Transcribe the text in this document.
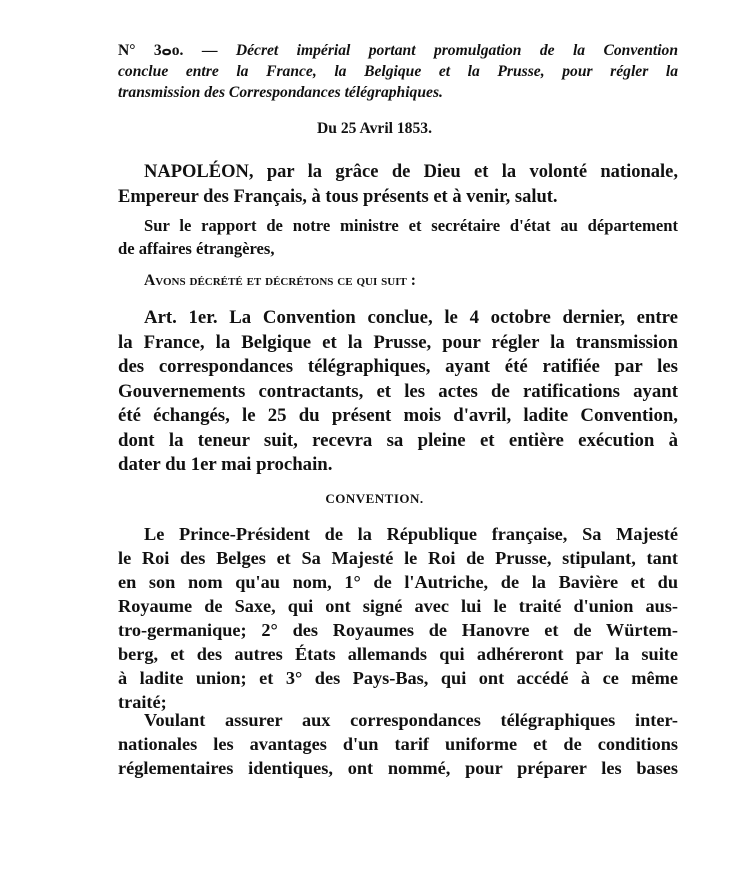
N° 3ⴰo. — Décret impérial portant promulgation de la Convention
conclue entre la France, la Belgique et la Prusse, pour régler la
transmission des Correspondances télégraphiques.
Du 25 Avril 1853.
NAPOLÉON, par la grâce de Dieu et la volonté nationale,
Empereur des Français, à tous présents et à venir, salut.
Sur le rapport de notre ministre et secrétaire d'état au département
de affaires étrangères,
Avons décrété et décrétons ce qui suit :
Art. 1er. La Convention conclue, le 4 octobre dernier, entre
la France, la Belgique et la Prusse, pour régler la transmission
des correspondances télégraphiques, ayant été ratifiée par les
Gouvernements contractants, et les actes de ratifications ayant
été échangés, le 25 du présent mois d'avril, ladite Convention,
dont la teneur suit, recevra sa pleine et entière exécution à
dater du 1er mai prochain.
CONVENTION.
Le Prince-Président de la République française, Sa Majesté
le Roi des Belges et Sa Majesté le Roi de Prusse, stipulant, tant
en son nom qu'au nom, 1° de l'Autriche, de la Bavière et du
Royaume de Saxe, qui ont signé avec lui le traité d'union aus-
tro-germanique; 2° des Royaumes de Hanovre et de Würtem-
berg, et des autres États allemands qui adhéreront par la suite
à ladite union; et 3° des Pays-Bas, qui ont accédé à ce même
traité;
Voulant assurer aux correspondances télégraphiques inter-
nationales les avantages d'un tarif uniforme et de conditions
réglementaires identiques, ont nommé, pour préparer les bases
